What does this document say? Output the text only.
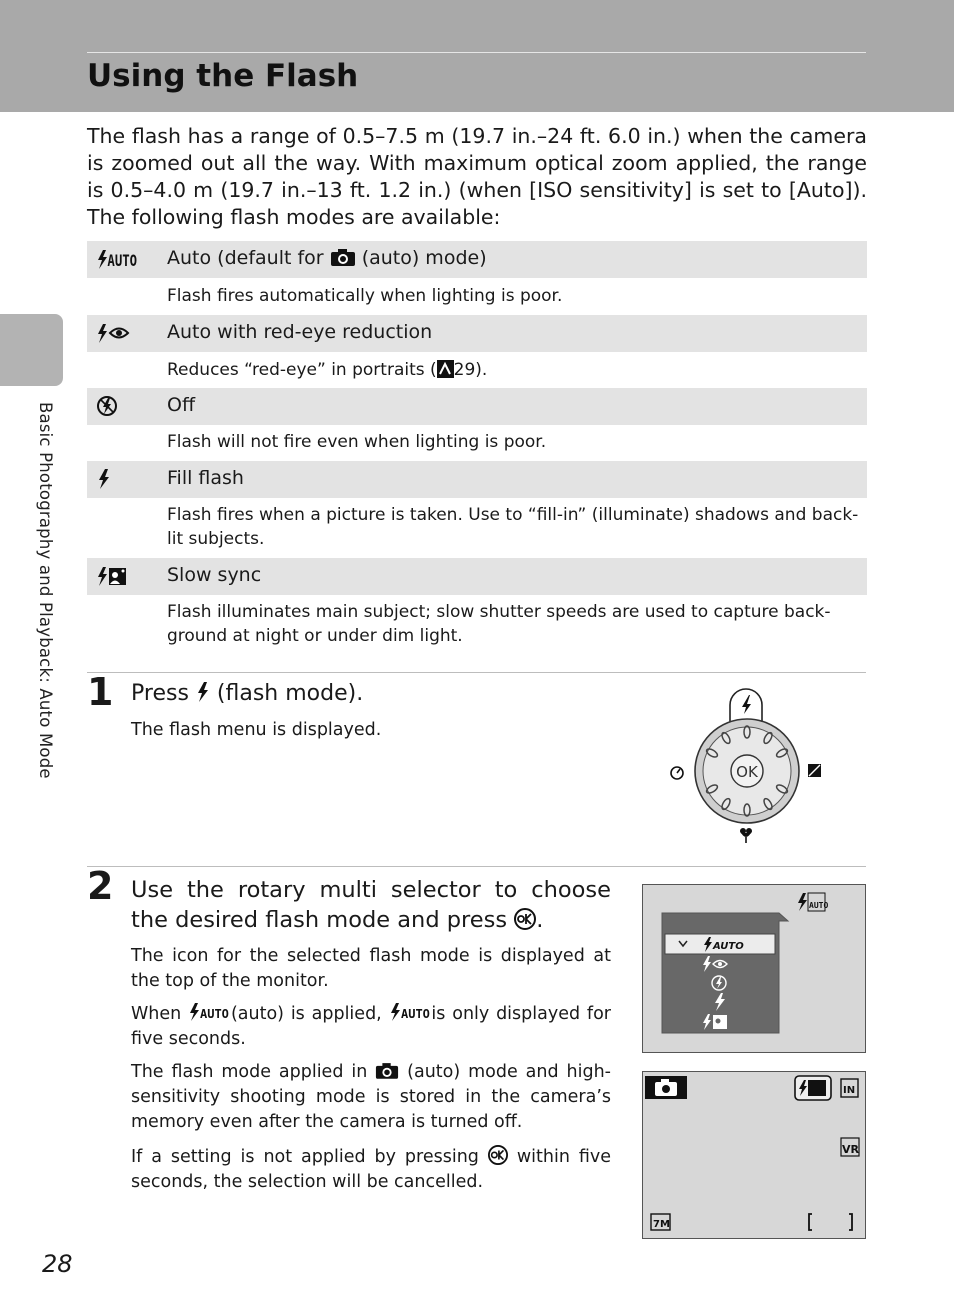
Using the Flash
Basic Photography and Playback: Auto Mode

The flash has a range of 0.5–7.5 m (19.7 in.–24 ft. 6.0 in.) when the camera is zoomed out all the way. With maximum optical zoom applied, the range is 0.5–4.0 m (19.7 in.–13 ft. 1.2 in.) (when [ISO sensitivity] is set to [Auto]). The following flash modes are available:

AUTO Auto (default for (auto) mode)

Flash fires automatically when lighting is poor.

Auto with red-eye reduction

Reduces “red-eye” in portraits ( 29).

Off

Flash will not fire even when lighting is poor.

Fill flash

Flash fires when a picture is taken. Use to “fill-in” (illuminate) shadows and back-lit subjects.

Slow sync

Flash illuminates main subject; slow shutter speeds are used to capture back-ground at night or under dim light.

1 Press (flash mode).
The flash menu is displayed.
OK
2 Use the rotary multi selector to choose the desired flash mode and press .

The icon for the selected flash mode is displayed at the top of the monitor.

When AUTO (auto) is applied, AUTO is only displayed for five seconds.

The flash mode applied in (auto) mode and high-sensitivity shooting mode is stored in the camera’s memory even after the camera is turned off.

If a setting is not applied by pressing within five seconds, the selection will be cancelled.

AUTO
AUTO
IN
VR
7M
28
